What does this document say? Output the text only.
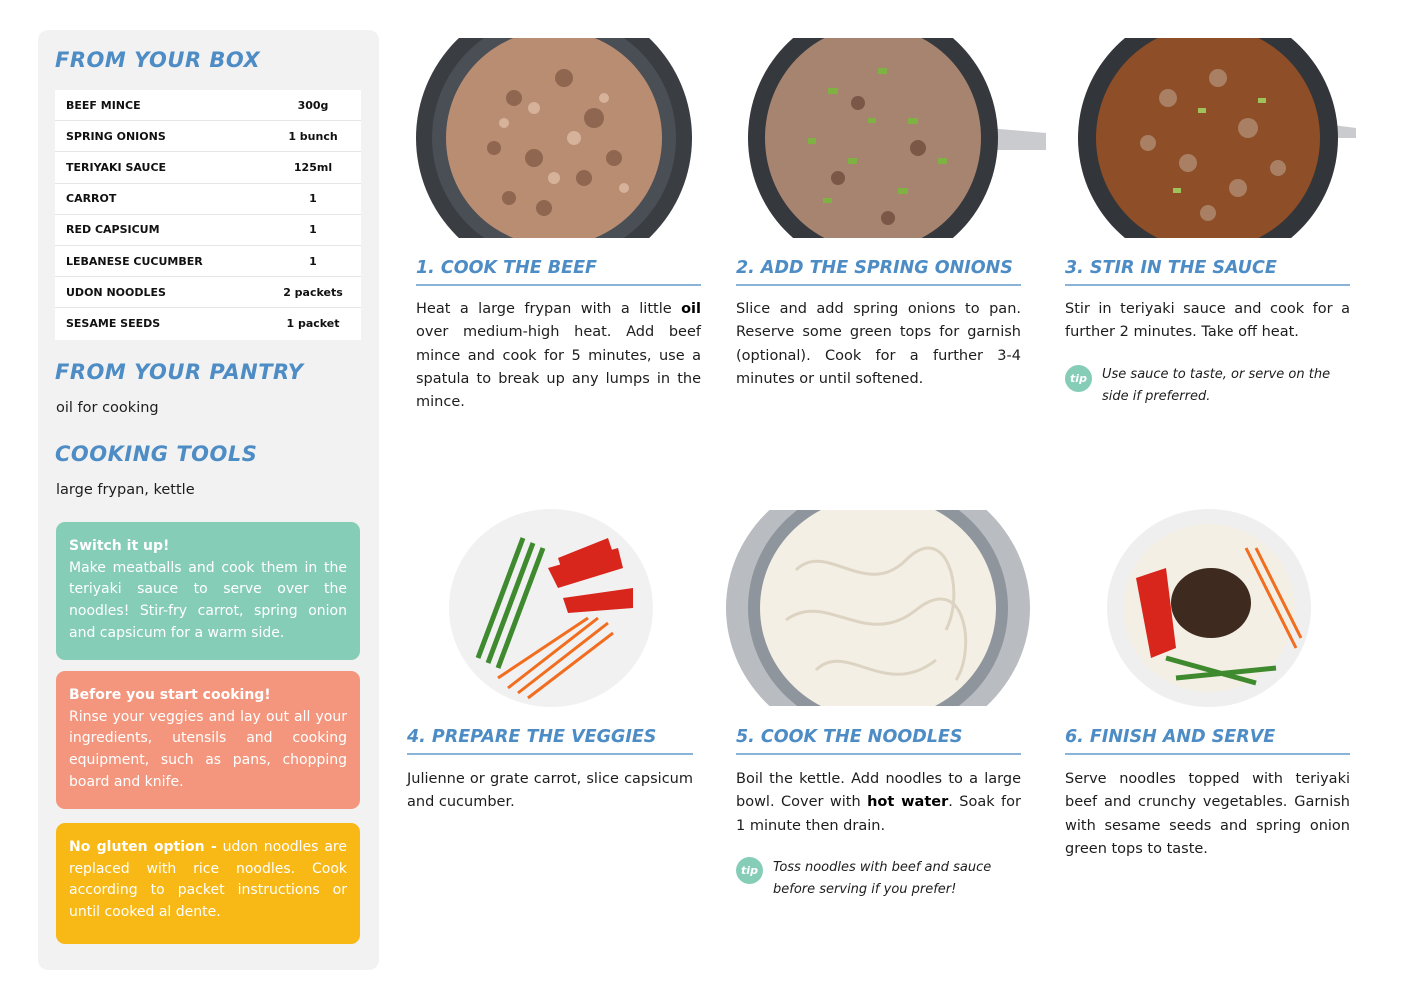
FROM YOUR BOX
BEEF MINCE	300g
SPRING ONIONS	1 bunch
TERIYAKI SAUCE	125ml
CARROT	1
RED CAPSICUM	1
LEBANESE CUCUMBER	1
UDON NOODLES	2 packets
SESAME SEEDS	1 packet
FROM YOUR PANTRY
oil for cooking
COOKING TOOLS
large frypan, kettle
Switch it up!
Make meatballs and cook them in the teriyaki sauce to serve over the noodles! Stir-fry carrot, spring onion and capsicum for a warm side.
Before you start cooking!
Rinse your veggies and lay out all your ingredients, utensils and cooking equipment, such as pans, chopping board and knife.
No gluten option - udon noodles are replaced with rice noodles. Cook according to packet instructions or until cooked al dente.
1. COOK THE BEEF
Heat a large frypan with a little oil over medium-high heat. Add beef mince and cook for 5 minutes, use a spatula to break up any lumps in the mince.
2. ADD THE SPRING ONIONS
Slice and add spring onions to pan. Reserve some green tops for garnish (optional). Cook for a further 3-4 minutes or until softened.
3. STIR IN THE SAUCE
Stir in teriyaki sauce and cook for a further 2 minutes. Take off heat.
tip	Use sauce to taste, or serve on the side if preferred.
4. PREPARE THE VEGGIES
Julienne or grate carrot, slice capsicum and cucumber.
5. COOK THE NOODLES
Boil the kettle. Add noodles to a large bowl. Cover with hot water. Soak for 1 minute then drain.
tip	Toss noodles with beef and sauce before serving if you prefer!
6. FINISH AND SERVE
Serve noodles topped with teriyaki beef and crunchy vegetables. Garnish with sesame seeds and spring onion green tops to taste.
